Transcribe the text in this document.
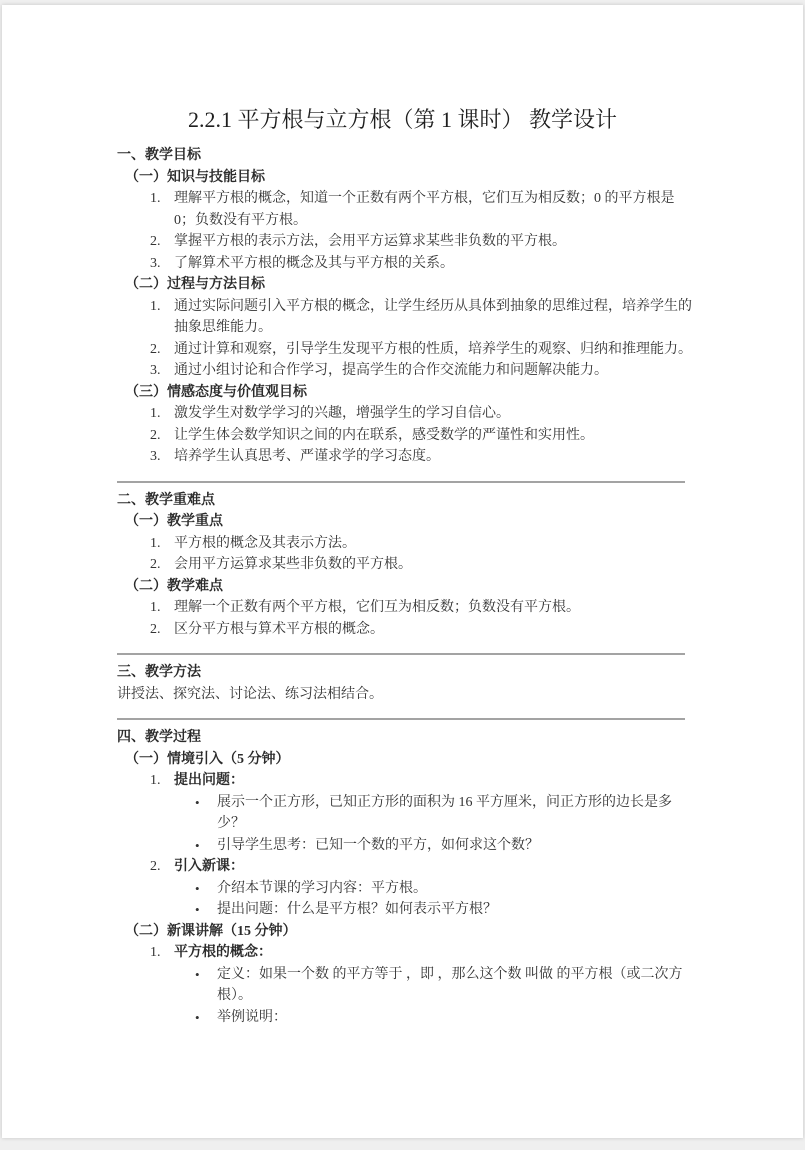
2.2.1 平方根与立方根（第 1 课时） 教学设计
一、教学目标
（一）知识与技能目标
1. 理解平方根的概念，知道一个正数有两个平方根，它们互为相反数；0 的平方根是0；负数没有平方根。
2. 掌握平方根的表示方法，会用平方运算求某些非负数的平方根。
3. 了解算术平方根的概念及其与平方根的关系。
（二）过程与方法目标
1. 通过实际问题引入平方根的概念，让学生经历从具体到抽象的思维过程，培养学生的抽象思维能力。
2. 通过计算和观察，引导学生发现平方根的性质，培养学生的观察、归纳和推理能力。
3. 通过小组讨论和合作学习，提高学生的合作交流能力和问题解决能力。
（三）情感态度与价值观目标
1. 激发学生对数学学习的兴趣，增强学生的学习自信心。
2. 让学生体会数学知识之间的内在联系，感受数学的严谨性和实用性。
3. 培养学生认真思考、严谨求学的学习态度。
二、教学重难点
（一）教学重点
1. 平方根的概念及其表示方法。
2. 会用平方运算求某些非负数的平方根。
（二）教学难点
1. 理解一个正数有两个平方根，它们互为相反数；负数没有平方根。
2. 区分平方根与算术平方根的概念。
三、教学方法
讲授法、探究法、讨论法、练习法相结合。
四、教学过程
（一）情境引入（5 分钟）
1. 提出问题：
•	展示一个正方形，已知正方形的面积为 16 平方厘米，问正方形的边长是多少？
•	引导学生思考：已知一个数的平方，如何求这个数？
2. 引入新课：
•	介绍本节课的学习内容：平方根。
•	提出问题：什么是平方根？如何表示平方根？
（二）新课讲解（15 分钟）
1. 平方根的概念：
•	定义：如果一个数 的平方等于 ，即 ，那么这个数 叫做 的平方根（或二次方根）。
•	举例说明：
